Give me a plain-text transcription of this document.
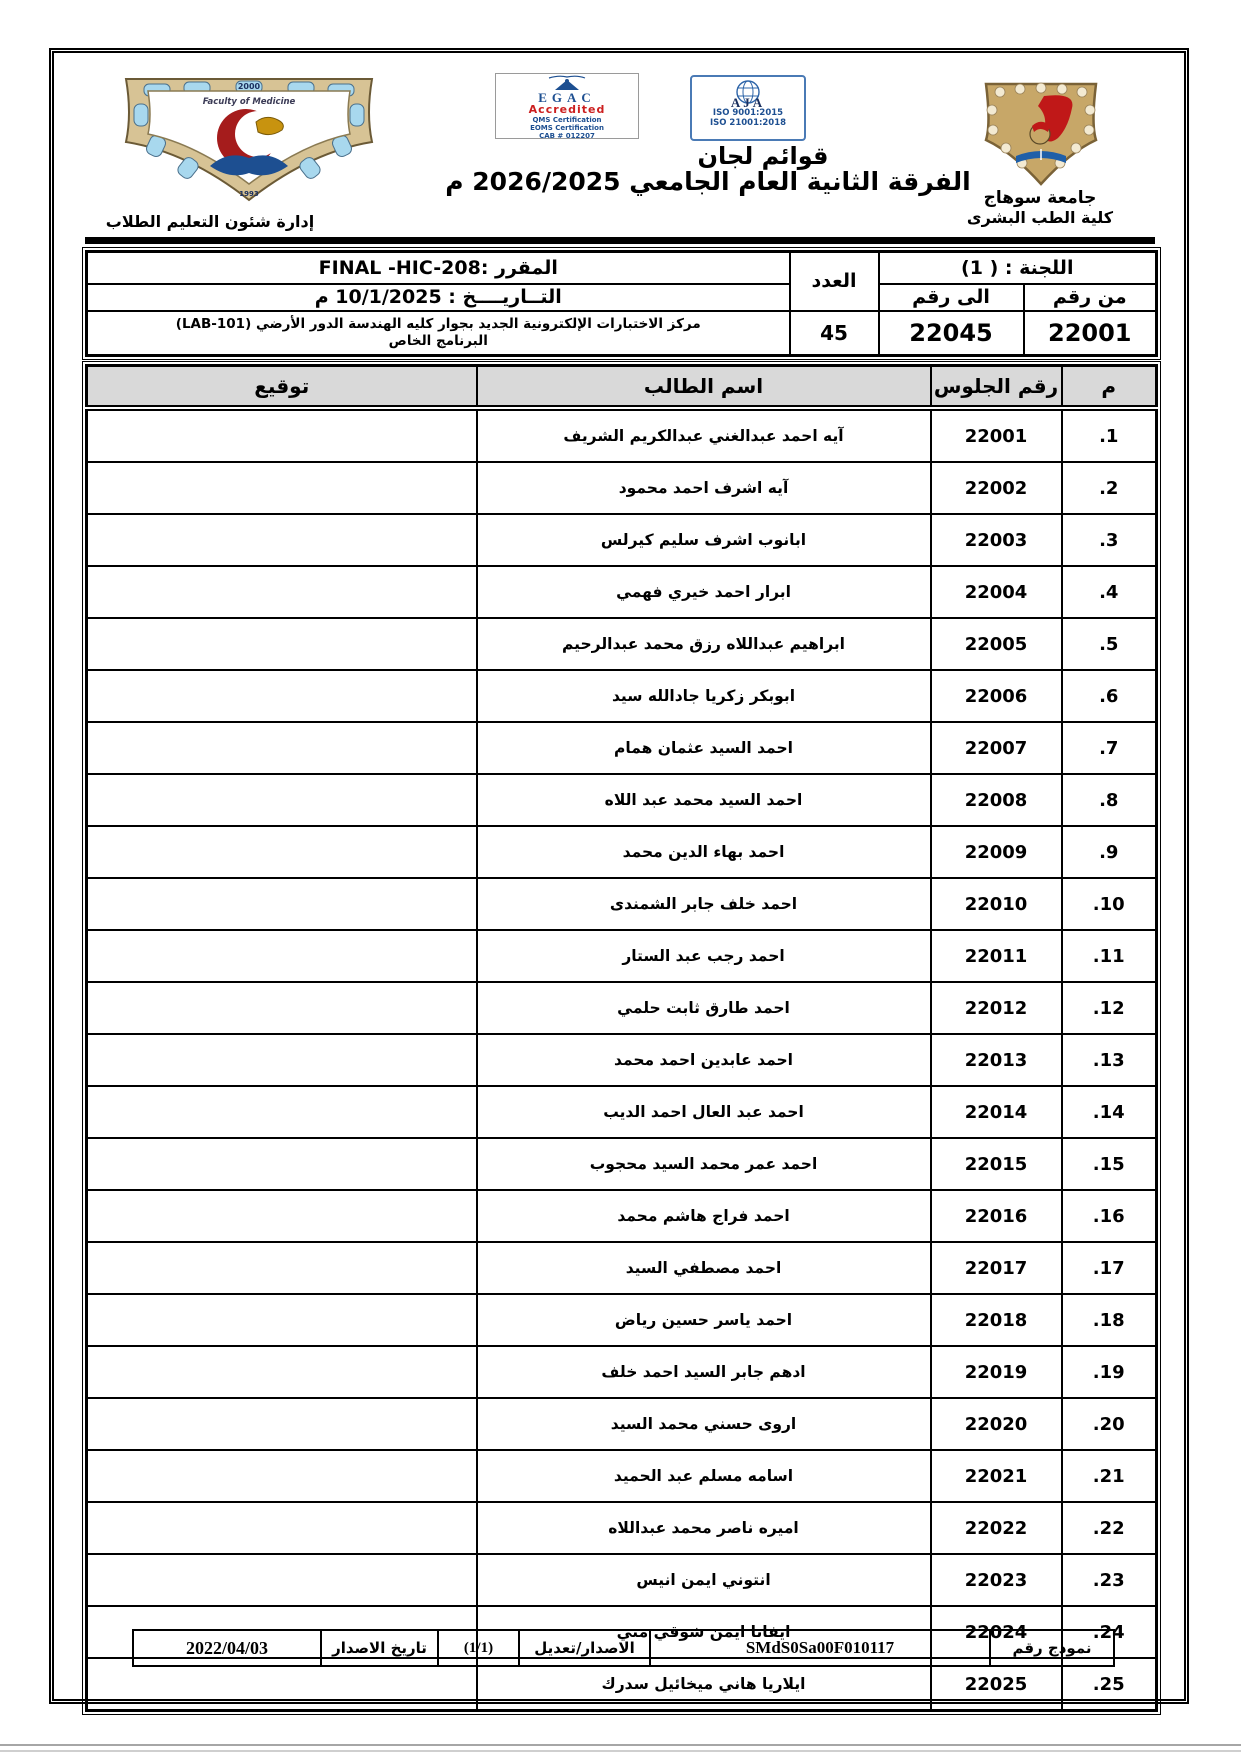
2000
Faculty of Medicine
1993
إدارة شئون التعليم الطلاب
EGAC
Accredited
QMS Certification
EOMS Certification
CAB # 012207
AJA
ISO 9001:2015
ISO 21001:2018
قوائم لجان
الفرقة الثانية العام الجامعي 2026/2025 م
جامعة سوهاج
كلية الطب البشرى
اللجنة : ( 1)		العدد	المقرر :FINAL -HIC-208
من رقم	الى رقم		التــاريــــخ : 10/1/2025 م
22001	22045	45	مركز الاختبارات الإلكترونية الجديد بجوار كليه الهندسة الدور الأرضي (LAB-101)
البرنامج الخاص
م	رقم الجلوس	اسم الطالب	توقيع
.1	22001	آيه احمد عبدالغني عبدالكريم الشريف	
.2	22002	آيه اشرف احمد محمود	
.3	22003	ابانوب اشرف سليم كيرلس	
.4	22004	ابرار احمد خيري فهمي	
.5	22005	ابراهيم عبداللاه رزق محمد عبدالرحيم	
.6	22006	ابوبكر زكريا جادالله سيد	
.7	22007	احمد السيد عثمان همام	
.8	22008	احمد السيد محمد عبد اللاه	
.9	22009	احمد بهاء الدين محمد	
.10	22010	احمد خلف جابر الشمندى	
.11	22011	احمد رجب عبد الستار	
.12	22012	احمد طارق ثابت حلمي	
.13	22013	احمد عابدين احمد محمد	
.14	22014	احمد عبد العال احمد الديب	
.15	22015	احمد عمر محمد السيد محجوب	
.16	22016	احمد فراج هاشم محمد	
.17	22017	احمد مصطفي السيد	
.18	22018	احمد ياسر حسين رياض	
.19	22019	ادهم جابر السيد احمد خلف	
.20	22020	اروى حسني محمد السيد	
.21	22021	اسامه مسلم عبد الحميد	
.22	22022	اميره ناصر محمد عبداللاه	
.23	22023	انتوني ايمن انيس	
.24	22024	ايفانا ايمن شوقي متي	
.25	22025	ايلاريا هاني ميخائيل سدرك	
نموذج رقم	SMdS0Sa00F010117	الاصدار/تعديل	(1/1)	تاريخ الاصدار	2022/04/03
